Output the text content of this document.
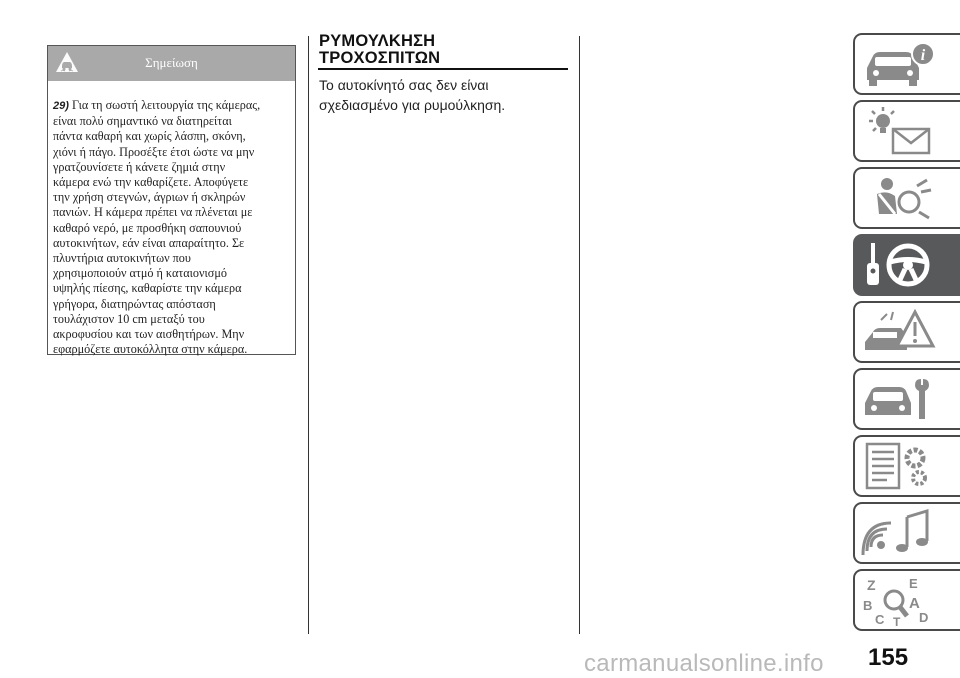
Σημείωση
29) Για τη σωστή λειτουργία της κάμερας,
είναι πολύ σημαντικό να διατηρείται
πάντα καθαρή και χωρίς λάσπη, σκόνη,
χιόνι ή πάγο. Προσέξτε έτσι ώστε να μην
γρατζουνίσετε ή κάνετε ζημιά στην
κάμερα ενώ την καθαρίζετε. Αποφύγετε
την χρήση στεγνών, άγριων ή σκληρών
πανιών. Η κάμερα πρέπει να πλένεται με
καθαρό νερό, με προσθήκη σαπουνιού
αυτοκινήτων, εάν είναι απαραίτητο. Σε
πλυντήρια αυτοκινήτων που
χρησιμοποιούν ατμό ή καταιονισμό
υψηλής πίεσης, καθαρίστε την κάμερα
γρήγορα, διατηρώντας απόσταση
τουλάχιστον 10 cm μεταξύ του
ακροφυσίου και των αισθητήρων. Μην
εφαρμόζετε αυτοκόλλητα στην κάμερα.
ΡΥΜΟΥΛΚΗΣΗ
ΤΡΟΧΟΣΠΙΤΩΝ
Το αυτοκίνητό σας δεν είναι
σχεδιασμένο για ρυμούλκηση.
i
Z	E
B A
C	D
T
155
carmanualsonline.info
